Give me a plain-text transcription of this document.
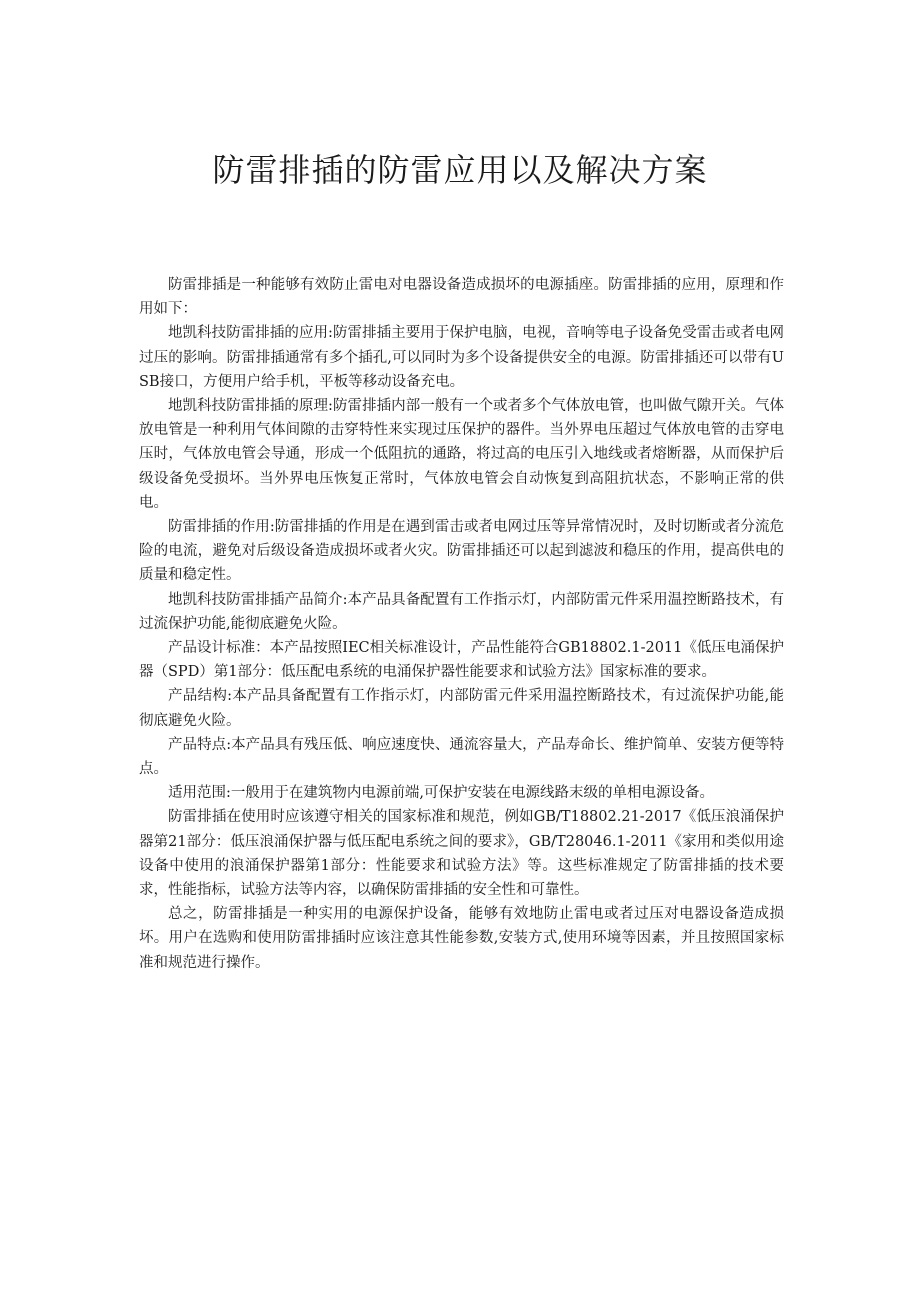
防雷排插的防雷应用以及解决方案

防雷排插是一种能够有效防止雷电对电器设备造成损坏的电源插座。防雷排插的应用，原理和作用如下：

地凯科技防雷排插的应用:防雷排插主要用于保护电脑，电视，音响等电子设备免受雷击或者电网过压的影响。防雷排插通常有多个插孔,可以同时为多个设备提供安全的电源。防雷排插还可以带有USB接口，方便用户给手机，平板等移动设备充电。

地凯科技防雷排插的原理:防雷排插内部一般有一个或者多个气体放电管，也叫做气隙开关。气体放电管是一种利用气体间隙的击穿特性来实现过压保护的器件。当外界电压超过气体放电管的击穿电压时，气体放电管会导通，形成一个低阻抗的通路，将过高的电压引入地线或者熔断器，从而保护后级设备免受损坏。当外界电压恢复正常时，气体放电管会自动恢复到高阻抗状态，不影响正常的供电。

防雷排插的作用:防雷排插的作用是在遇到雷击或者电网过压等异常情况时，及时切断或者分流危险的电流，避免对后级设备造成损坏或者火灾。防雷排插还可以起到滤波和稳压的作用，提高供电的质量和稳定性。

地凯科技防雷排插产品简介:本产品具备配置有工作指示灯，内部防雷元件采用温控断路技术，有过流保护功能,能彻底避免火险。

产品设计标准：本产品按照IEC相关标准设计，产品性能符合GB18802.1-2011《低压电涌保护器（SPD）第1部分：低压配电系统的电涌保护器性能要求和试验方法》国家标准的要求。

产品结构:本产品具备配置有工作指示灯，内部防雷元件采用温控断路技术，有过流保护功能,能彻底避免火险。

产品特点:本产品具有残压低、响应速度快、通流容量大，产品寿命长、维护简单、安装方便等特点。

适用范围:一般用于在建筑物内电源前端,可保护安装在电源线路末级的单相电源设备。

防雷排插在使用时应该遵守相关的国家标准和规范，例如GB/T18802.21-2017《低压浪涌保护器第21部分：低压浪涌保护器与低压配电系统之间的要求》，GB/T28046.1-2011《家用和类似用途设备中使用的浪涌保护器第1部分：性能要求和试验方法》等。这些标准规定了防雷排插的技术要求，性能指标，试验方法等内容，以确保防雷排插的安全性和可靠性。

总之，防雷排插是一种实用的电源保护设备，能够有效地防止雷电或者过压对电器设备造成损坏。用户在选购和使用防雷排插时应该注意其性能参数,安装方式,使用环境等因素，并且按照国家标准和规范进行操作。
